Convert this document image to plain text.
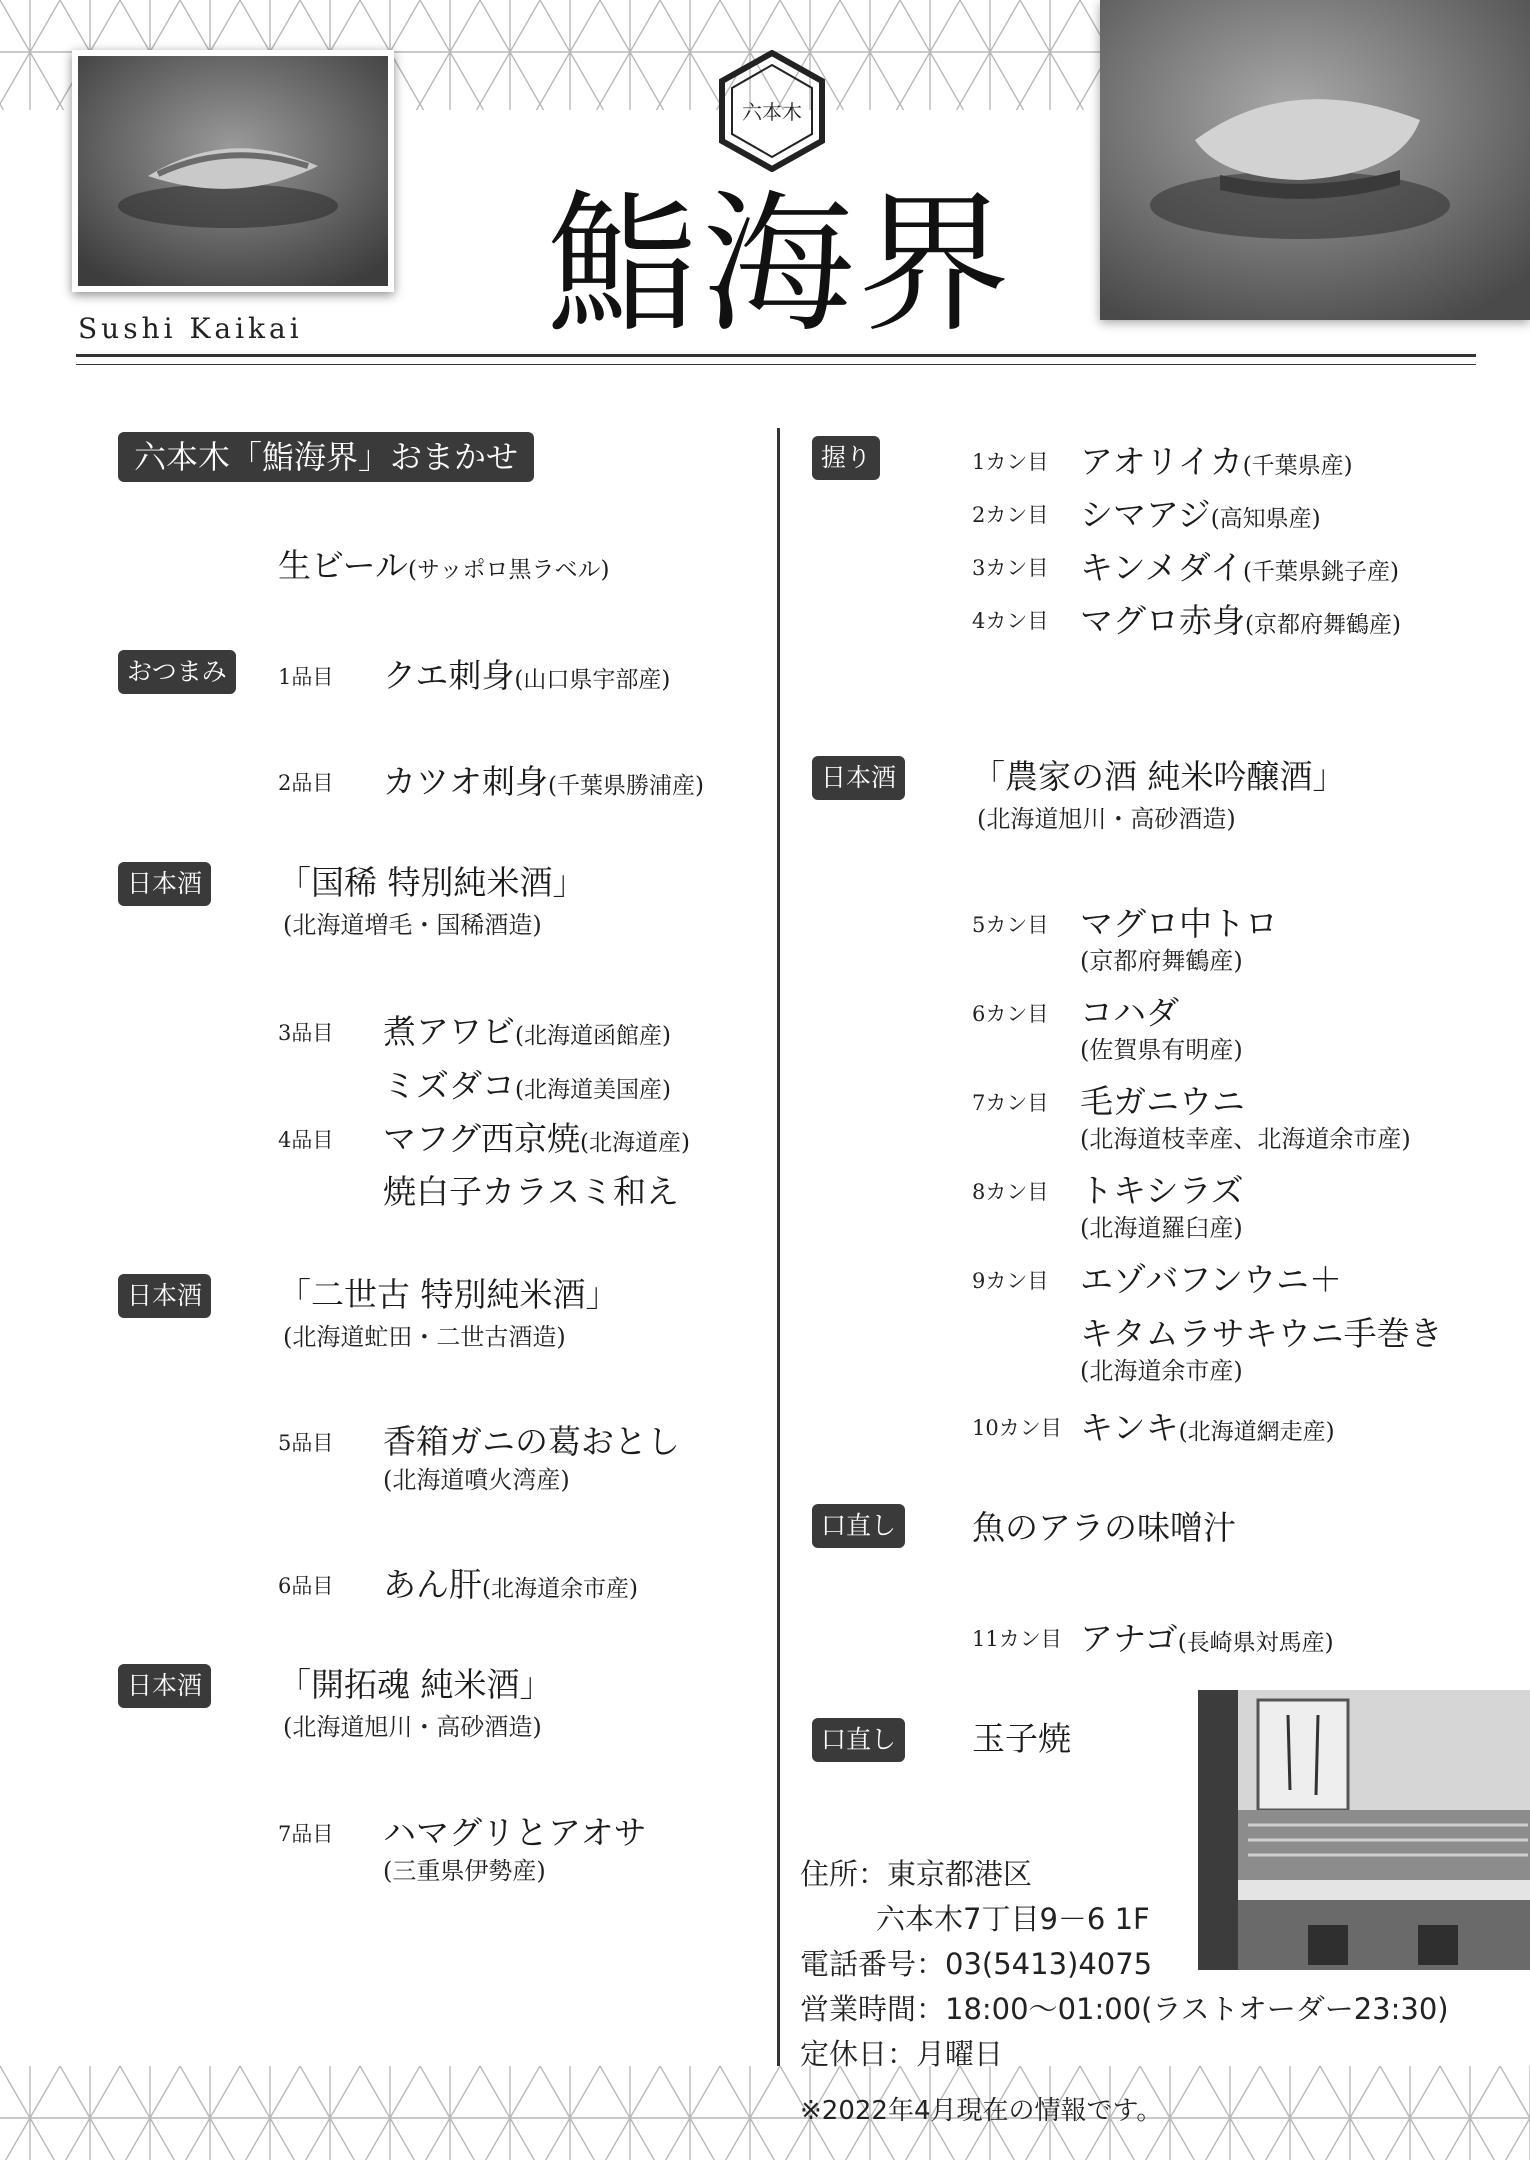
Sushi Kaikai
六本木
鮨海界
六本木「鮨海界」おまかせ
生ビール(サッポロ黒ラベル)
おつまみ	1品目 クエ刺身(山口県宇部産)
2品目 カツオ刺身(千葉県勝浦産)
日本酒 「国稀 特別純米酒」
(北海道増毛・国稀酒造)
3品目 煮アワビ(北海道函館産)
ミズダコ(北海道美国産)
4品目 マフグ西京焼(北海道産)
焼白子カラスミ和え
日本酒 「二世古 特別純米酒」
(北海道虻田・二世古酒造)
5品目 香箱ガニの葛おとし
(北海道噴火湾産)
6品目 あん肝(北海道余市産)
日本酒 「開拓魂 純米酒」
(北海道旭川・高砂酒造)
7品目 ハマグリとアオサ
(三重県伊勢産)
握り	1カン目 アオリイカ(千葉県産)
2カン目 シマアジ(高知県産)
3カン目 キンメダイ(千葉県銚子産)
4カン目 マグロ赤身(京都府舞鶴産)
日本酒 「農家の酒 純米吟醸酒」
(北海道旭川・高砂酒造)
5カン目 マグロ中トロ
(京都府舞鶴産)
6カン目 コハダ
(佐賀県有明産)
7カン目 毛ガニウニ
(北海道枝幸産、北海道余市産)
8カン目 トキシラズ
(北海道羅臼産)
9カン目 エゾバフンウニ＋
キタムラサキウニ手巻き
(北海道余市産)
10カン目 キンキ(北海道網走産)
口直し 魚のアラの味噌汁
11カン目 アナゴ(長崎県対馬産)
口直し 玉子焼
住所：東京都港区
六本木7丁目9－6 1F
電話番号：03(5413)4075
営業時間：18:00～01:00(ラストオーダー23:30)
定休日：月曜日
※2022年4月現在の情報です。
